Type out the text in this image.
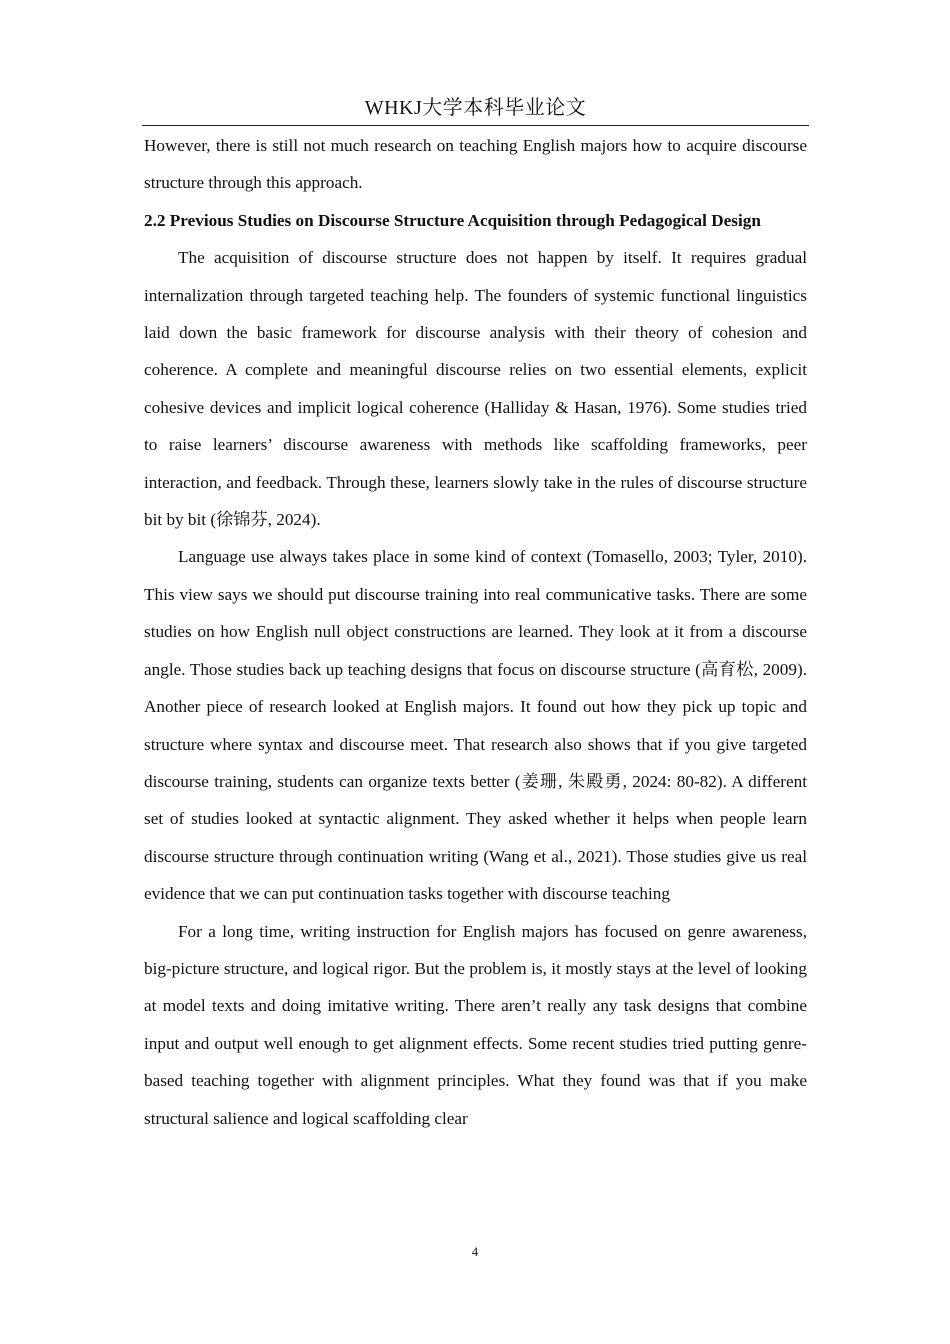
WHKJ大学本科毕业论文

However, there is still not much research on teaching English majors how to acquire discourse structure through this approach.

2.2 Previous Studies on Discourse Structure Acquisition through Pedagogical Design

The acquisition of discourse structure does not happen by itself. It requires gradual internalization through targeted teaching help. The founders of systemic functional linguistics laid down the basic framework for discourse analysis with their theory of cohesion and coherence. A complete and meaningful discourse relies on two essential elements, explicit cohesive devices and implicit logical coherence (Halliday & Hasan, 1976). Some studies tried to raise learners’ discourse awareness with methods like scaffolding frameworks, peer interaction, and feedback. Through these, learners slowly take in the rules of discourse structure bit by bit (徐锦芬, 2024).

Language use always takes place in some kind of context (Tomasello, 2003; Tyler, 2010). This view says we should put discourse training into real communicative tasks. There are some studies on how English null object constructions are learned. They look at it from a discourse angle. Those studies back up teaching designs that focus on discourse structure (高育松, 2009). Another piece of research looked at English majors. It found out how they pick up topic and structure where syntax and discourse meet. That research also shows that if you give targeted discourse training, students can organize texts better (姜珊, 朱殿勇, 2024: 80-82). A different set of studies looked at syntactic alignment. They asked whether it helps when people learn discourse structure through continuation writing (Wang et al., 2021). Those studies give us real evidence that we can put continuation tasks together with discourse teaching

For a long time, writing instruction for English majors has focused on genre awareness, big-picture structure, and logical rigor. But the problem is, it mostly stays at the level of looking at model texts and doing imitative writing. There aren’t really any task designs that combine input and output well enough to get alignment effects. Some recent studies tried putting genre-based teaching together with alignment principles. What they found was that if you make structural salience and logical scaffolding clear

4
